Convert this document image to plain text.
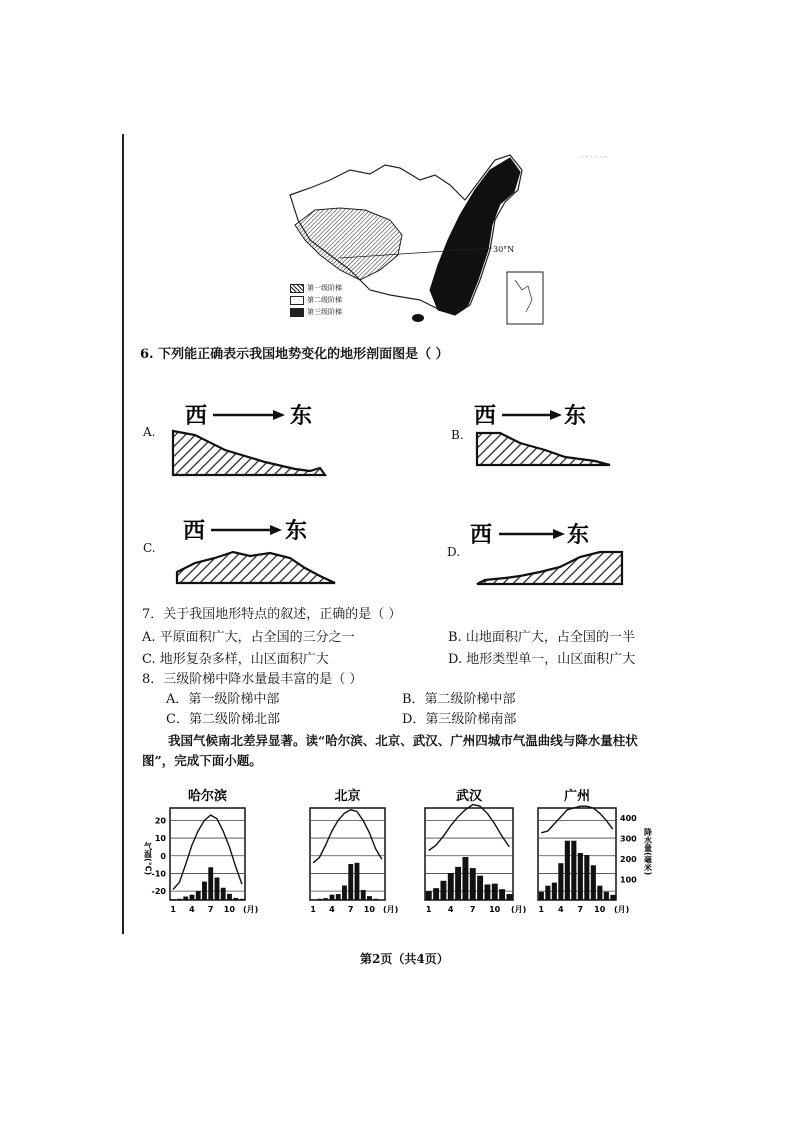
······
30°N
第一级阶梯
第二级阶梯
第三级阶梯
6. 下列能正确表示我国地势变化的地形剖面图是（ ）
A.
西	东
B.
西	东
C.
西	东
D.
西	东
7．关于我国地形特点的叙述，正确的是（ ）
A. 平原面积广大，占全国的三分之一	B. 山地面积广大，占全国的一半
C. 地形复杂多样，山区面积广大	D. 地形类型单一，山区面积广大
8．三级阶梯中降水量最丰富的是（ ）
A．第一级阶梯中部	B．第二级阶梯中部
C．第二级阶梯北部	D．第三级阶梯南部
我国气候南北差异显著。读“哈尔滨、北京、武汉、广州四城市气温曲线与降水量柱状
图”，完成下面小题。
气温(°C)
20
10
0
-10
-20
400
300
200
100
降水量(毫米)
哈尔滨
1 4 7 10 (月)
北京
1 4 7 10 (月)
武汉
1 4 7 10 (月)
广州
1 4 7 10 (月)
第2页（共4页）
